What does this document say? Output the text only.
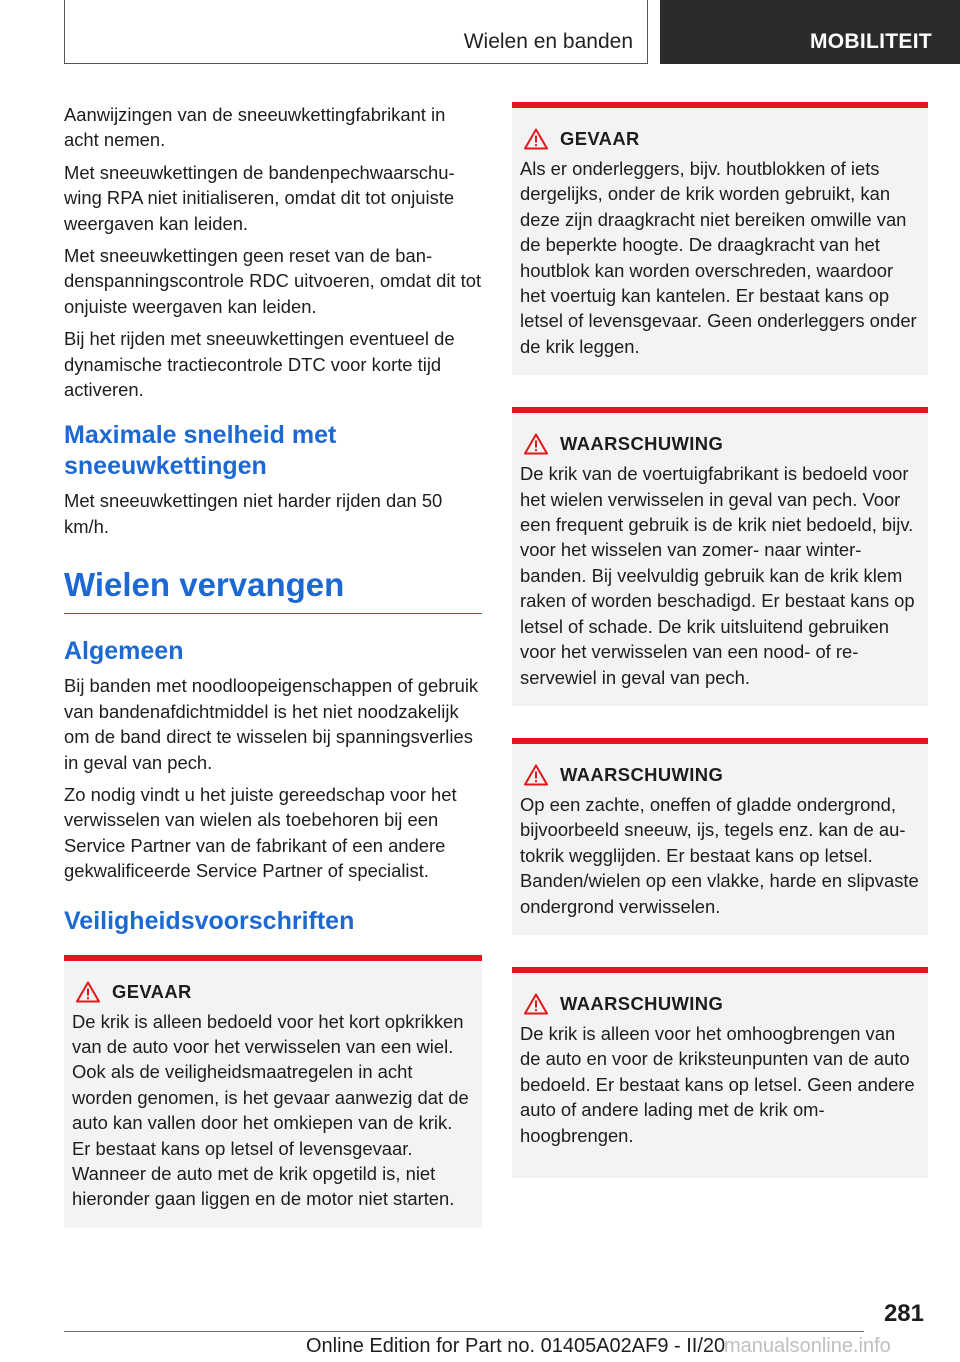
Wielen en banden	MOBILITEIT

Aanwijzingen van de sneeuwkettingfabrikant in acht nemen.

Met sneeuwkettingen de bandenpechwaarschuwing RPA niet initialiseren, omdat dit tot onjuiste weergaven kan leiden.

Met sneeuwkettingen geen reset van de bandenspanningscontrole RDC uitvoeren, omdat dit tot onjuiste weergaven kan leiden.

Bij het rijden met sneeuwkettingen eventueel de dynamische tractiecontrole DTC voor korte tijd activeren.

Maximale snelheid met sneeuwkettingen

Met sneeuwkettingen niet harder rijden dan 50 km/h.

Wielen vervangen
Algemeen

Bij banden met noodloopeigenschappen of gebruik van bandenafdichtmiddel is het niet noodzakelijk om de band direct te wisselen bij spanningsverlies in geval van pech.

Zo nodig vindt u het juiste gereedschap voor het verwisselen van wielen als toebehoren bij een Service Partner van de fabrikant of een andere gekwalificeerde Service Partner of specialist.

Veiligheidsvoorschriften
GEVAAR

De krik is alleen bedoeld voor het kort opkrikken van de auto voor het verwisselen van een wiel. Ook als de veiligheidsmaatregelen in acht worden genomen, is het gevaar aanwezig dat de auto kan vallen door het omkiepen van de krik. Er bestaat kans op letsel of levensgevaar. Wanneer de auto met de krik opgetild is, niet hieronder gaan liggen en de motor niet starten.

GEVAAR

Als er onderleggers, bijv. houtblokken of iets dergelijks, onder de krik worden gebruikt, kan deze zijn draagkracht niet bereiken omwille van de beperkte hoogte. De draagkracht van het houtblok kan worden overschreden, waardoor het voertuig kan kantelen. Er bestaat kans op letsel of levensgevaar. Geen onderleggers onder de krik leggen.

WAARSCHUWING

De krik van de voertuigfabrikant is bedoeld voor het wielen verwisselen in geval van pech. Voor een frequent gebruik is de krik niet bedoeld, bijv. voor het wisselen van zomer- naar winterbanden. Bij veelvuldig gebruik kan de krik klem raken of worden beschadigd. Er bestaat kans op letsel of schade. De krik uitsluitend gebruiken voor het verwisselen van een nood- of reservewiel in geval van pech.

WAARSCHUWING

Op een zachte, oneffen of gladde ondergrond, bijvoorbeeld sneeuw, ijs, tegels enz. kan de autokrik wegglijden. Er bestaat kans op letsel. Banden/wielen op een vlakke, harde en slipvaste ondergrond verwisselen.

WAARSCHUWING

De krik is alleen voor het omhoogbrengen van de auto en voor de kriksteunpunten van de auto bedoeld. Er bestaat kans op letsel. Geen andere auto of andere lading met de krik omhoogbrengen.

281
Online Edition for Part no. 01405A02AF9 - II/20
manualsonline.info
